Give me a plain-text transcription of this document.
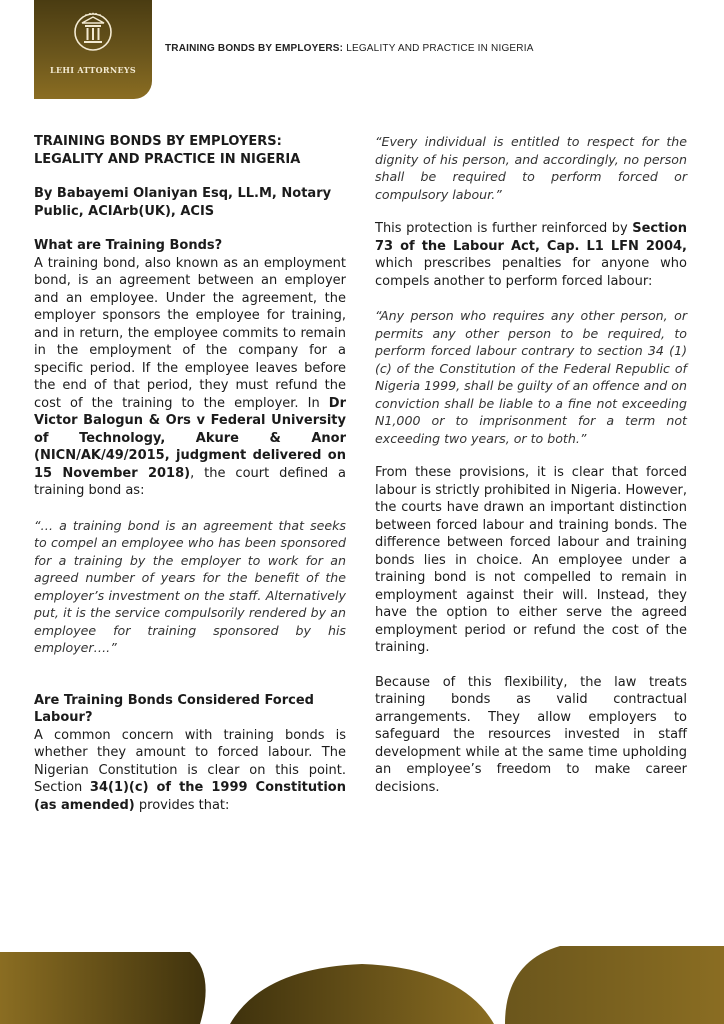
LEHI ATTORNEYS
TRAINING BONDS BY EMPLOYERS: LEGALITY AND PRACTICE IN NIGERIA

TRAINING BONDS BY EMPLOYERS: LEGALITY AND PRACTICE IN NIGERIA

By Babayemi Olaniyan Esq, LL.M, Notary Public, ACIArb(UK), ACIS

What are Training Bonds?

A training bond, also known as an employment bond, is an agreement between an employer and an employee. Under the agreement, the employer sponsors the employee for training, and in return, the employee commits to remain in the employment of the company for a specific period. If the employee leaves before the end of that period, they must refund the cost of the training to the employer. In Dr Victor Balogun & Ors v Federal University of Technology, Akure & Anor (NICN/AK/49/2015, judgment delivered on 15 November 2018), the court defined a training bond as:

“… a training bond is an agreement that seeks to compel an employee who has been sponsored for a training by the employer to work for an agreed number of years for the benefit of the employer’s investment on the staff. Alternatively put, it is the service compulsorily rendered by an employee for training sponsored by his employer….”

Are Training Bonds Considered Forced Labour?

A common concern with training bonds is whether they amount to forced labour. The Nigerian Constitution is clear on this point. Section 34(1)(c) of the 1999 Constitution (as amended) provides that:

“Every individual is entitled to respect for the dignity of his person, and accordingly, no person shall be required to perform forced or compulsory labour.”

This protection is further reinforced by Section 73 of the Labour Act, Cap. L1 LFN 2004, which prescribes penalties for anyone who compels another to perform forced labour:

“Any person who requires any other person, or permits any other person to be required, to perform forced labour contrary to section 34 (1) (c) of the Constitution of the Federal Republic of Nigeria 1999, shall be guilty of an offence and on conviction shall be liable to a fine not exceeding N1,000 or to imprisonment for a term not exceeding two years, or to both.”

From these provisions, it is clear that forced labour is strictly prohibited in Nigeria. However, the courts have drawn an important distinction between forced labour and training bonds. The difference between forced labour and training bonds lies in choice. An employee under a training bond is not compelled to remain in employment against their will. Instead, they have the option to either serve the agreed employment period or refund the cost of the training.

Because of this flexibility, the law treats training bonds as valid contractual arrangements. They allow employers to safeguard the resources invested in staff development while at the same time upholding an employee’s freedom to make career decisions.
